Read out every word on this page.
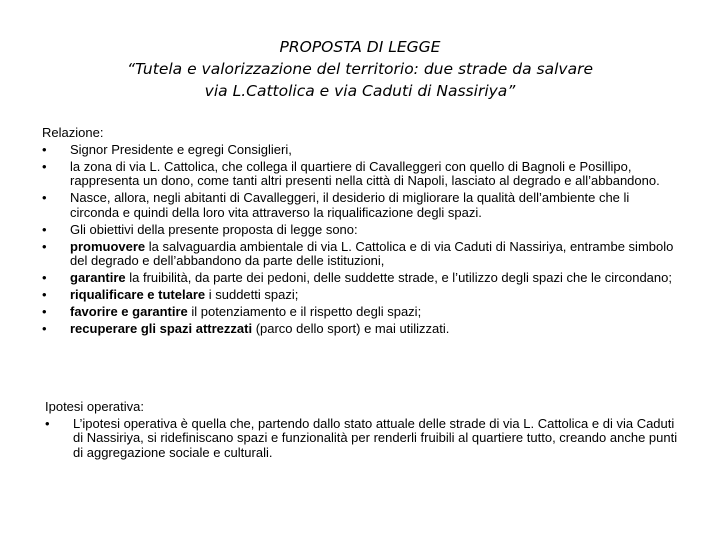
PROPOSTA DI LEGGE
“Tutela e valorizzazione del territorio: due strade da salvare
via L.Cattolica e via Caduti di Nassiriya”
Relazione:
•	Signor Presidente e egregi Consiglieri,
•	la zona di via L. Cattolica, che collega il quartiere di Cavalleggeri con quello di Bagnoli e Posillipo, rappresenta un dono, come tanti altri presenti nella città di Napoli, lasciato al degrado e all’abbandono.
•	Nasce, allora, negli abitanti di Cavalleggeri, il desiderio di migliorare la qualità dell’ambiente che li circonda e quindi della loro vita attraverso la riqualificazione degli spazi.
•	Gli obiettivi della presente proposta di legge sono:
•	promuovere la salvaguardia ambientale di via L. Cattolica e di via Caduti di Nassiriya, entrambe simbolo del degrado e dell’abbandono da parte delle istituzioni,
•	garantire la fruibilità, da parte dei pedoni, delle suddette strade, e l’utilizzo degli spazi che le circondano;
•	riqualificare e tutelare i suddetti spazi;
•	favorire e garantire il potenziamento e il rispetto degli spazi;
•	recuperare gli spazi attrezzati (parco dello sport) e mai utilizzati.
Ipotesi operativa:
•	L’ipotesi operativa è quella che, partendo dallo stato attuale delle strade di via L. Cattolica e di via Caduti di Nassiriya, si ridefiniscano spazi e funzionalità per renderli fruibili al quartiere tutto, creando anche punti di aggregazione sociale e culturali.
